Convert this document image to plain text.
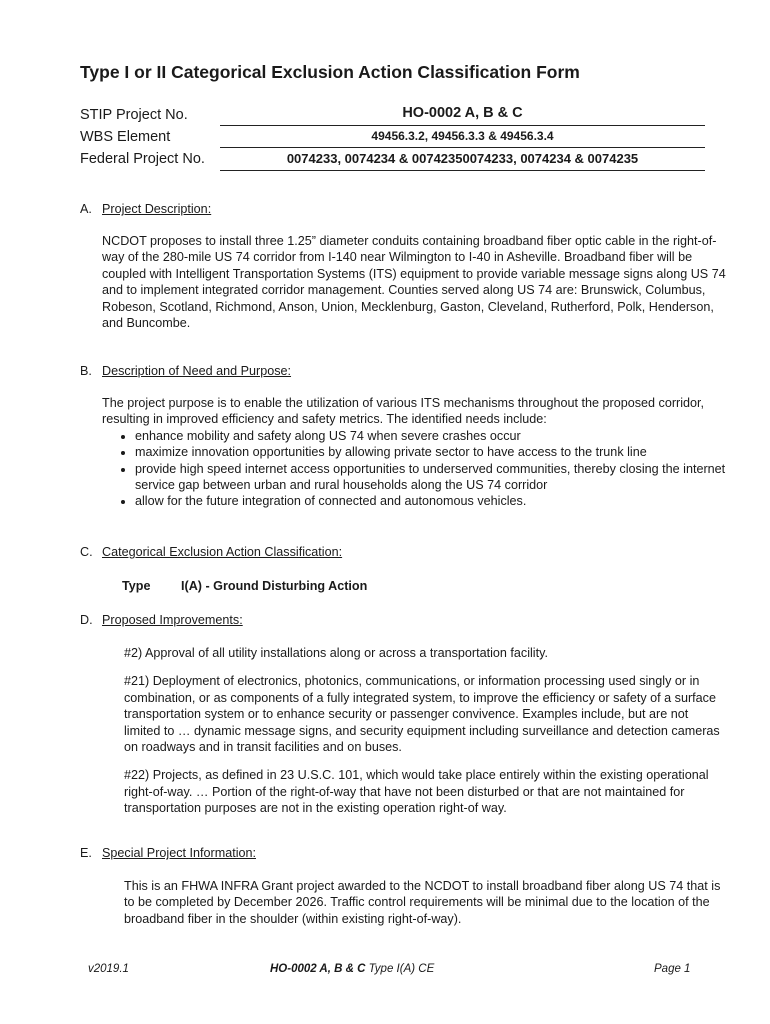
Type I or II Categorical Exclusion Action Classification Form
STIP Project No.	HO-0002 A, B & C
WBS Element	49456.3.2, 49456.3.3 & 49456.3.4
Federal Project No.	0074233, 0074234 & 00742350074233, 0074234 & 0074235
A. Project Description:

NCDOT proposes to install three 1.25” diameter conduits containing broadband fiber optic cable in the right-of-way of the 280-mile US 74 corridor from I-140 near Wilmington to I-40 in Asheville. Broadband fiber will be coupled with Intelligent Transportation Systems (ITS) equipment to provide variable message signs along US 74 and to implement integrated corridor management. Counties served along US 74 are: Brunswick, Columbus, Robeson, Scotland, Richmond, Anson, Union, Mecklenburg, Gaston, Cleveland, Rutherford, Polk, Henderson, and Buncombe.

B. Description of Need and Purpose:

The project purpose is to enable the utilization of various ITS mechanisms throughout the proposed corridor, resulting in improved efficiency and safety metrics. The identified needs include:

• enhance mobility and safety along US 74 when severe crashes occur
• maximize innovation opportunities by allowing private sector to have access to the trunk line
• provide high speed internet access opportunities to underserved communities, thereby closing the internet service gap between urban and rural households along the US 74 corridor
• allow for the future integration of connected and autonomous vehicles.
C. Categorical Exclusion Action Classification:
Type I(A) - Ground Disturbing Action
D. Proposed Improvements:

#2) Approval of all utility installations along or across a transportation facility.

#21) Deployment of electronics, photonics, communications, or information processing used singly or in combination, or as components of a fully integrated system, to improve the efficiency or safety of a surface transportation system or to enhance security or passenger convivence. Examples include, but are not limited to … dynamic message signs, and security equipment including surveillance and detection cameras on roadways and in transit facilities and on buses.

#22) Projects, as defined in 23 U.S.C. 101, which would take place entirely within the existing operational right-of-way. … Portion of the right-of-way that have not been disturbed or that are not maintained for transportation purposes are not in the existing operation right-of way.

E. Special Project Information:

This is an FHWA INFRA Grant project awarded to the NCDOT to install broadband fiber along US 74 that is to be completed by December 2026. Traffic control requirements will be minimal due to the location of the broadband fiber in the shoulder (within existing right-of-way).

v2019.1	HO-0002 A, B & C Type I(A) CE	Page 1
